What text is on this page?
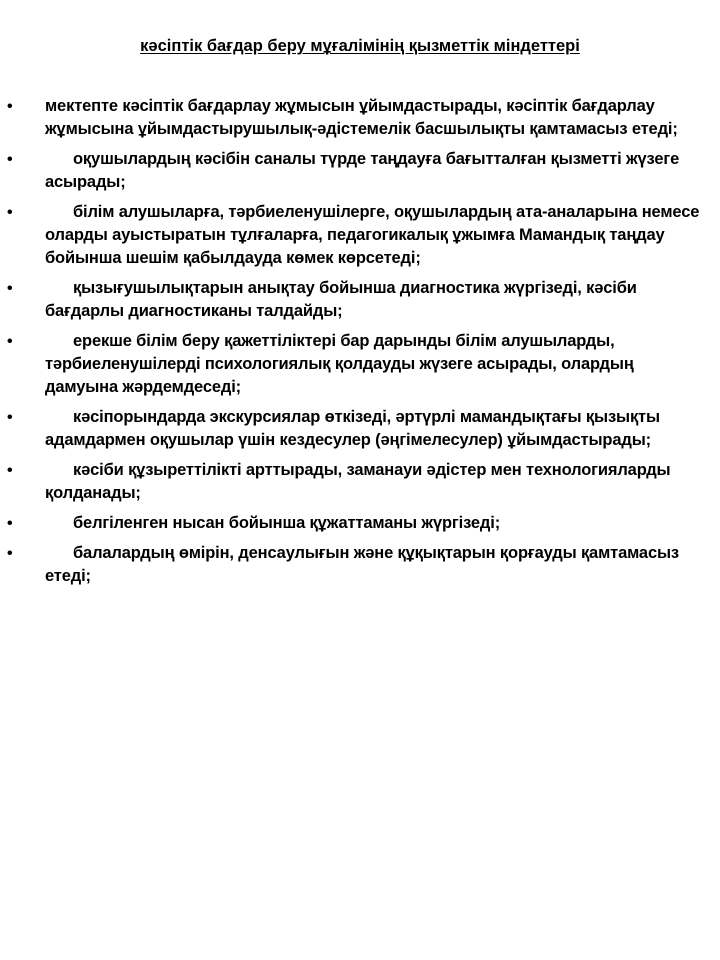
кәсіптік бағдар беру мұғалімінің қызметтік міндеттері
• мектепте кәсіптік бағдарлау жұмысын ұйымдастырады, кәсіптік бағдарлау жұмысына ұйымдастырушылық-әдістемелік басшылықты қамтамасыз етеді;
•	оқушылардың кәсібін саналы түрде таңдауға бағытталған қызметті жүзеге асырады;
•	білім алушыларға, тәрбиеленушілерге, оқушылардың ата-аналарына немесе оларды ауыстыратын тұлғаларға, педагогикалық ұжымға Мамандық таңдау бойынша шешім қабылдауда көмек көрсетеді;
•	қызығушылықтарын анықтау бойынша диагностика жүргізеді, кәсіби бағдарлы диагностиканы талдайды;
•	ерекше білім беру қажеттіліктері бар дарынды білім алушыларды, тәрбиеленушілерді психологиялық қолдауды жүзеге асырады, олардың дамуына жәрдемдеседі;
•	кәсіпорындарда экскурсиялар өткізеді, әртүрлі мамандықтағы қызықты адамдармен оқушылар үшін кездесулер (әңгімелесулер) ұйымдастырады;
•	кәсіби құзыреттілікті арттырады, заманауи әдістер мен технологияларды қолданады;
•	белгіленген нысан бойынша құжаттаманы жүргізеді;
•	балалардың өмірін, денсаулығын және құқықтарын қорғауды қамтамасыз етеді;
